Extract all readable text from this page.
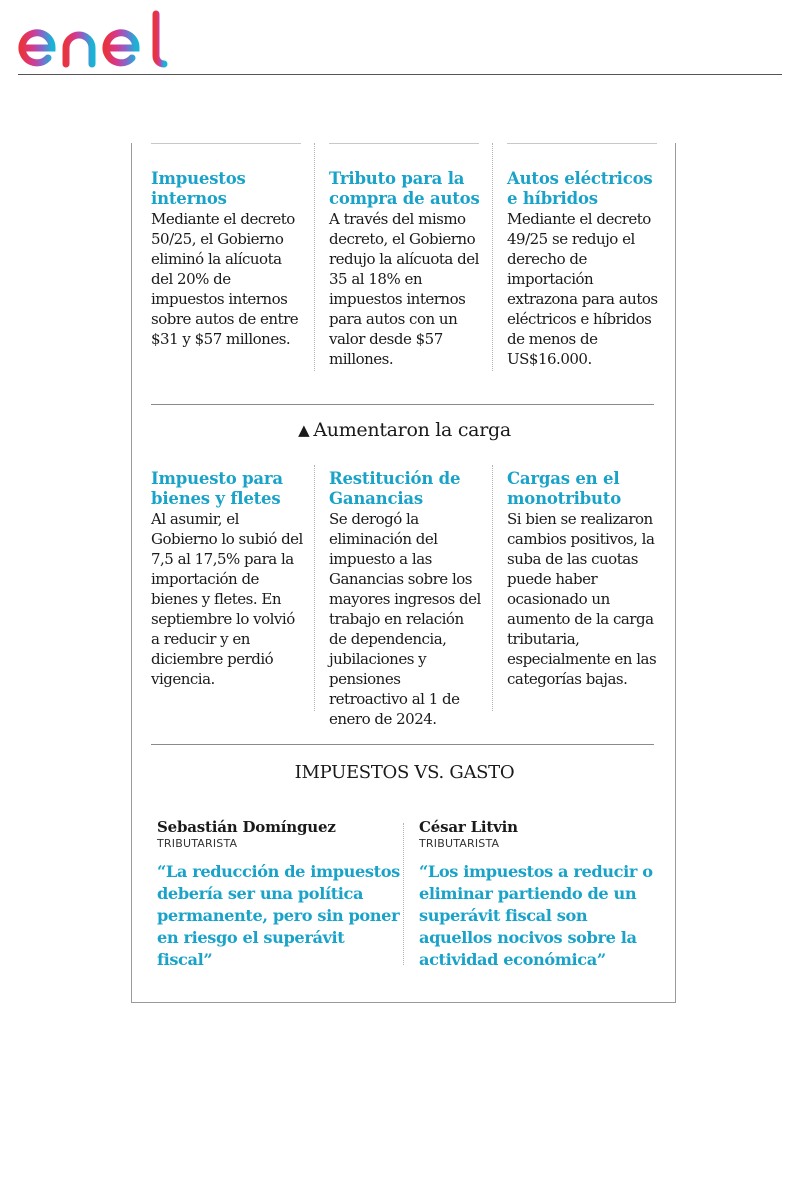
Impuestos internos

Mediante el decreto 50/25, el Gobierno eliminó la alícuota del 20% de impuestos internos sobre autos de entre $31 y $57 millones.

Tributo para la compra de autos

A través del mismo decreto, el Gobierno redujo la alícuota del 35 al 18% en impuestos internos para autos con un valor desde $57 millones.

Autos eléctricos e híbridos

Mediante el decreto 49/25 se redujo el derecho de importación extrazona para autos eléctricos e híbridos de menos de US$16.000.

▲ Aumentaron la carga

Impuesto para bienes y fletes

Al asumir, el Gobierno lo subió del 7,5 al 17,5% para la importación de bienes y fletes. En septiembre lo volvió a reducir y en diciembre perdió vigencia.

Restitución de Ganancias

Se derogó la eliminación del impuesto a las Ganancias sobre los mayores ingresos del trabajo en relación de dependencia, jubilaciones y pensiones retroactivo al 1 de enero de 2024.

Cargas en el monotributo

Si bien se realizaron cambios positivos, la suba de las cuotas puede haber ocasionado un aumento de la carga tributaria, especialmente en las categorías bajas.

IMPUESTOS VS. GASTO

Sebastián Domínguez

TRIBUTARISTA

“La reducción de impuestos debería ser una política permanente, pero sin poner en riesgo el superávit fiscal”

César Litvin

TRIBUTARISTA

“Los impuestos a reducir o eliminar partiendo de un superávit fiscal son aquellos nocivos sobre la actividad económica”
